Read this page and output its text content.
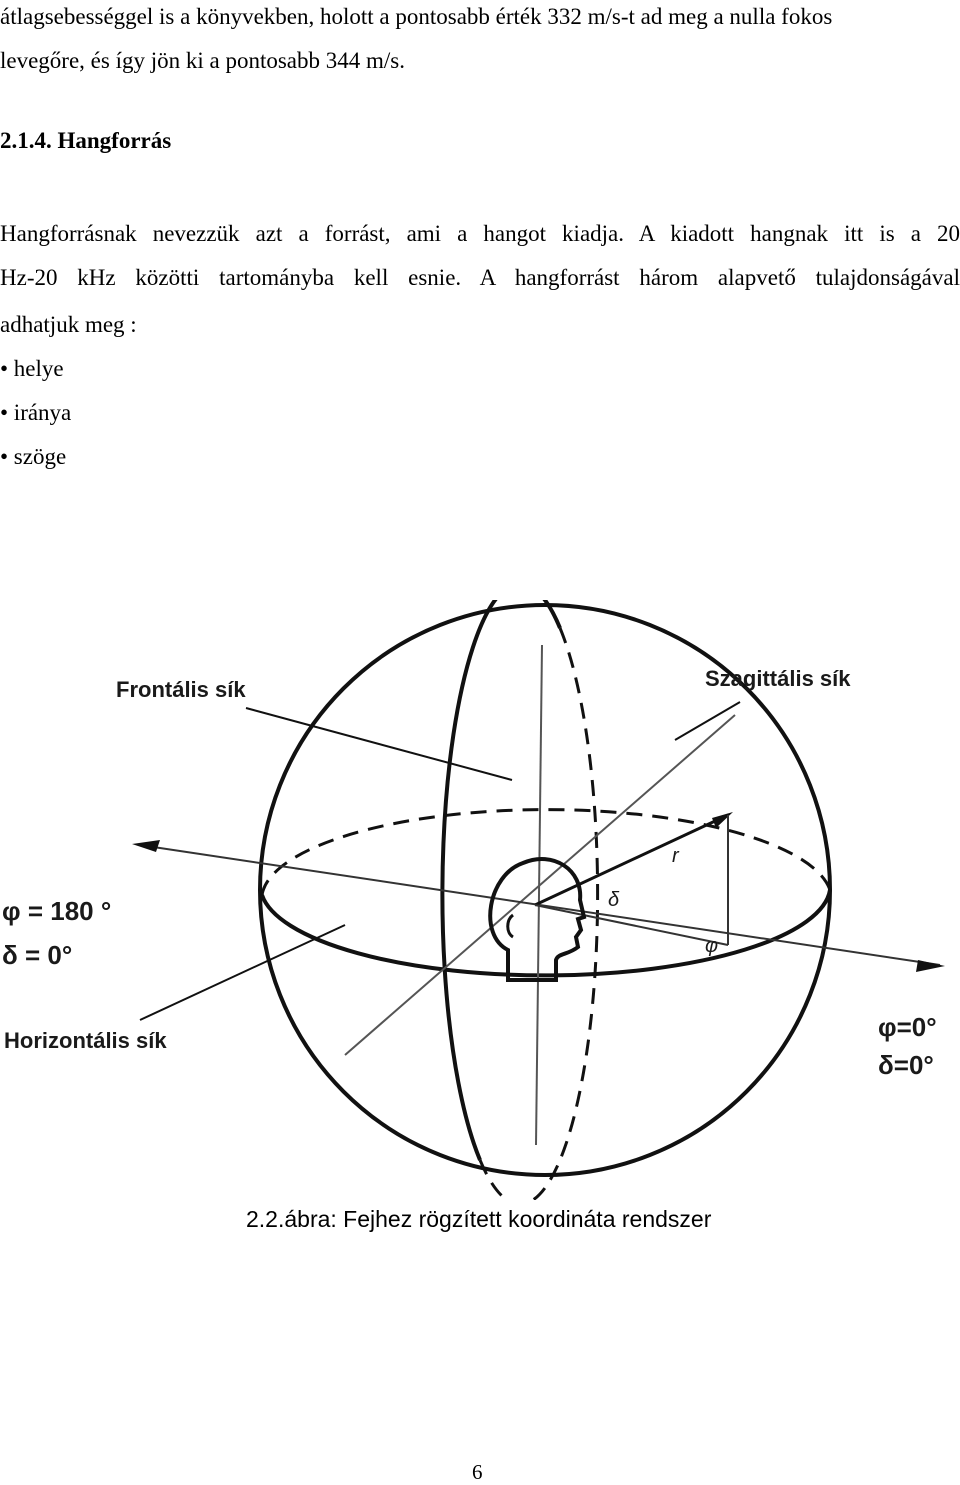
átlagsebességgel is a könyvekben, holott a pontosabb érték 332 m/s-t ad meg a nulla fokos
levegőre, és így jön ki a pontosabb 344 m/s.
2.1.4. Hangforrás
Hangforrásnak nevezzük azt a forrást, ami a hangot kiadja. A kiadott hangnak itt is a 20
Hz-20 kHz közötti tartományba kell esnie. A hangforrást három alapvető tulajdonságával
adhatjuk meg :
• helye
• iránya
• szöge
Frontális sík	Szagittális sík
Horizontális sík
φ = 180 °
δ = 0°
φ=0°
δ=0°
r
δ
φ
2.2.ábra: Fejhez rögzített koordináta rendszer
6
